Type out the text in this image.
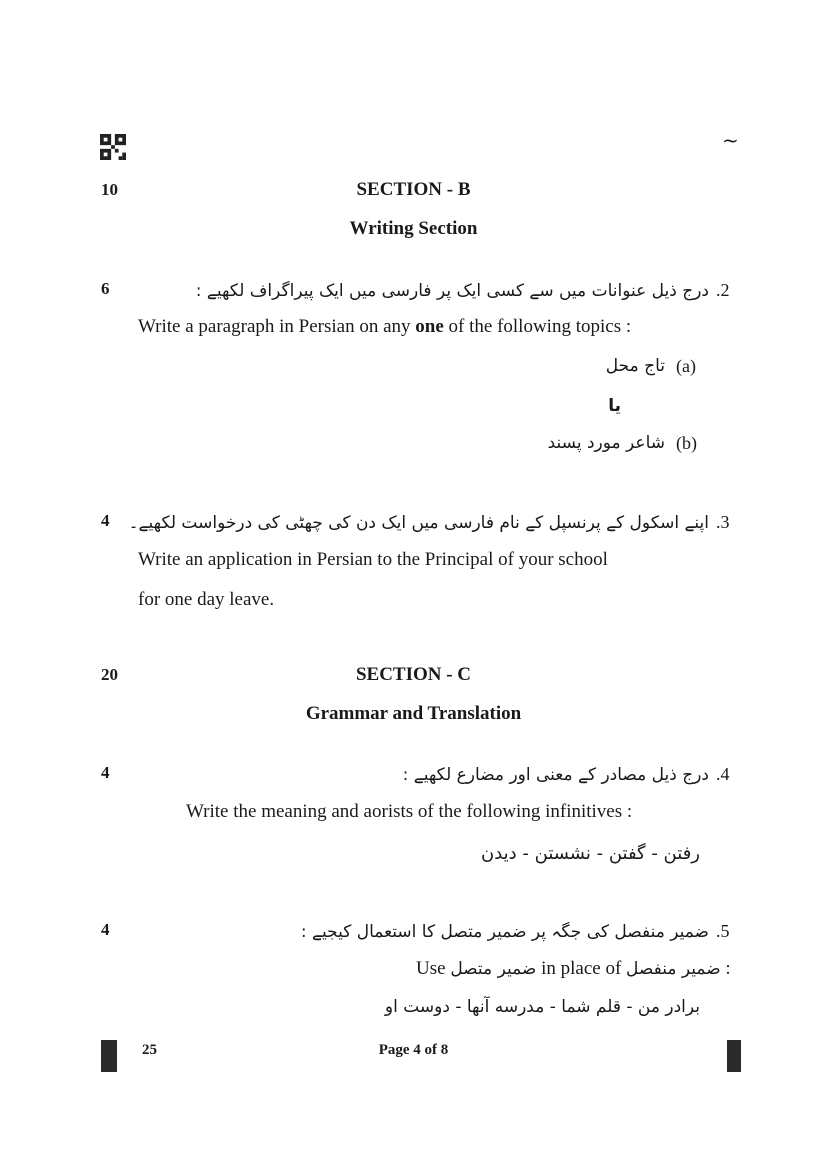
~
10	SECTION - B
Writing Section
6	.2
درج ذیل عنوانات میں سے کسی ایک پر فارسی میں ایک پیراگراف لکھیے :
Write a paragraph in Persian on any one of the following topics :
(a)
تاج محل
یا
(b)
شاعر مورد پسند
4	.3
اپنے اسکول کے پرنسپل کے نام فارسی میں ایک دن کی چھٹی کی درخواست لکھیے۔
Write an application in Persian to the Principal of your school
for one day leave.
20	SECTION - C
Grammar and Translation
4	.4
درج ذیل مصادر کے معنی اور مضارع لکھیے :
Write the meaning and aorists of the following infinitives :
رفتن - گفتن - نشستن - دیدن
4	.5
ضمیر منفصل کی جگہ پر ضمیر متصل کا استعمال کیجیے :
Use ضمیر متصل in place of ضمیر منفصل :
برادر من - قلم شما - مدرسه آنها - دوست او
25	Page 4 of 8
